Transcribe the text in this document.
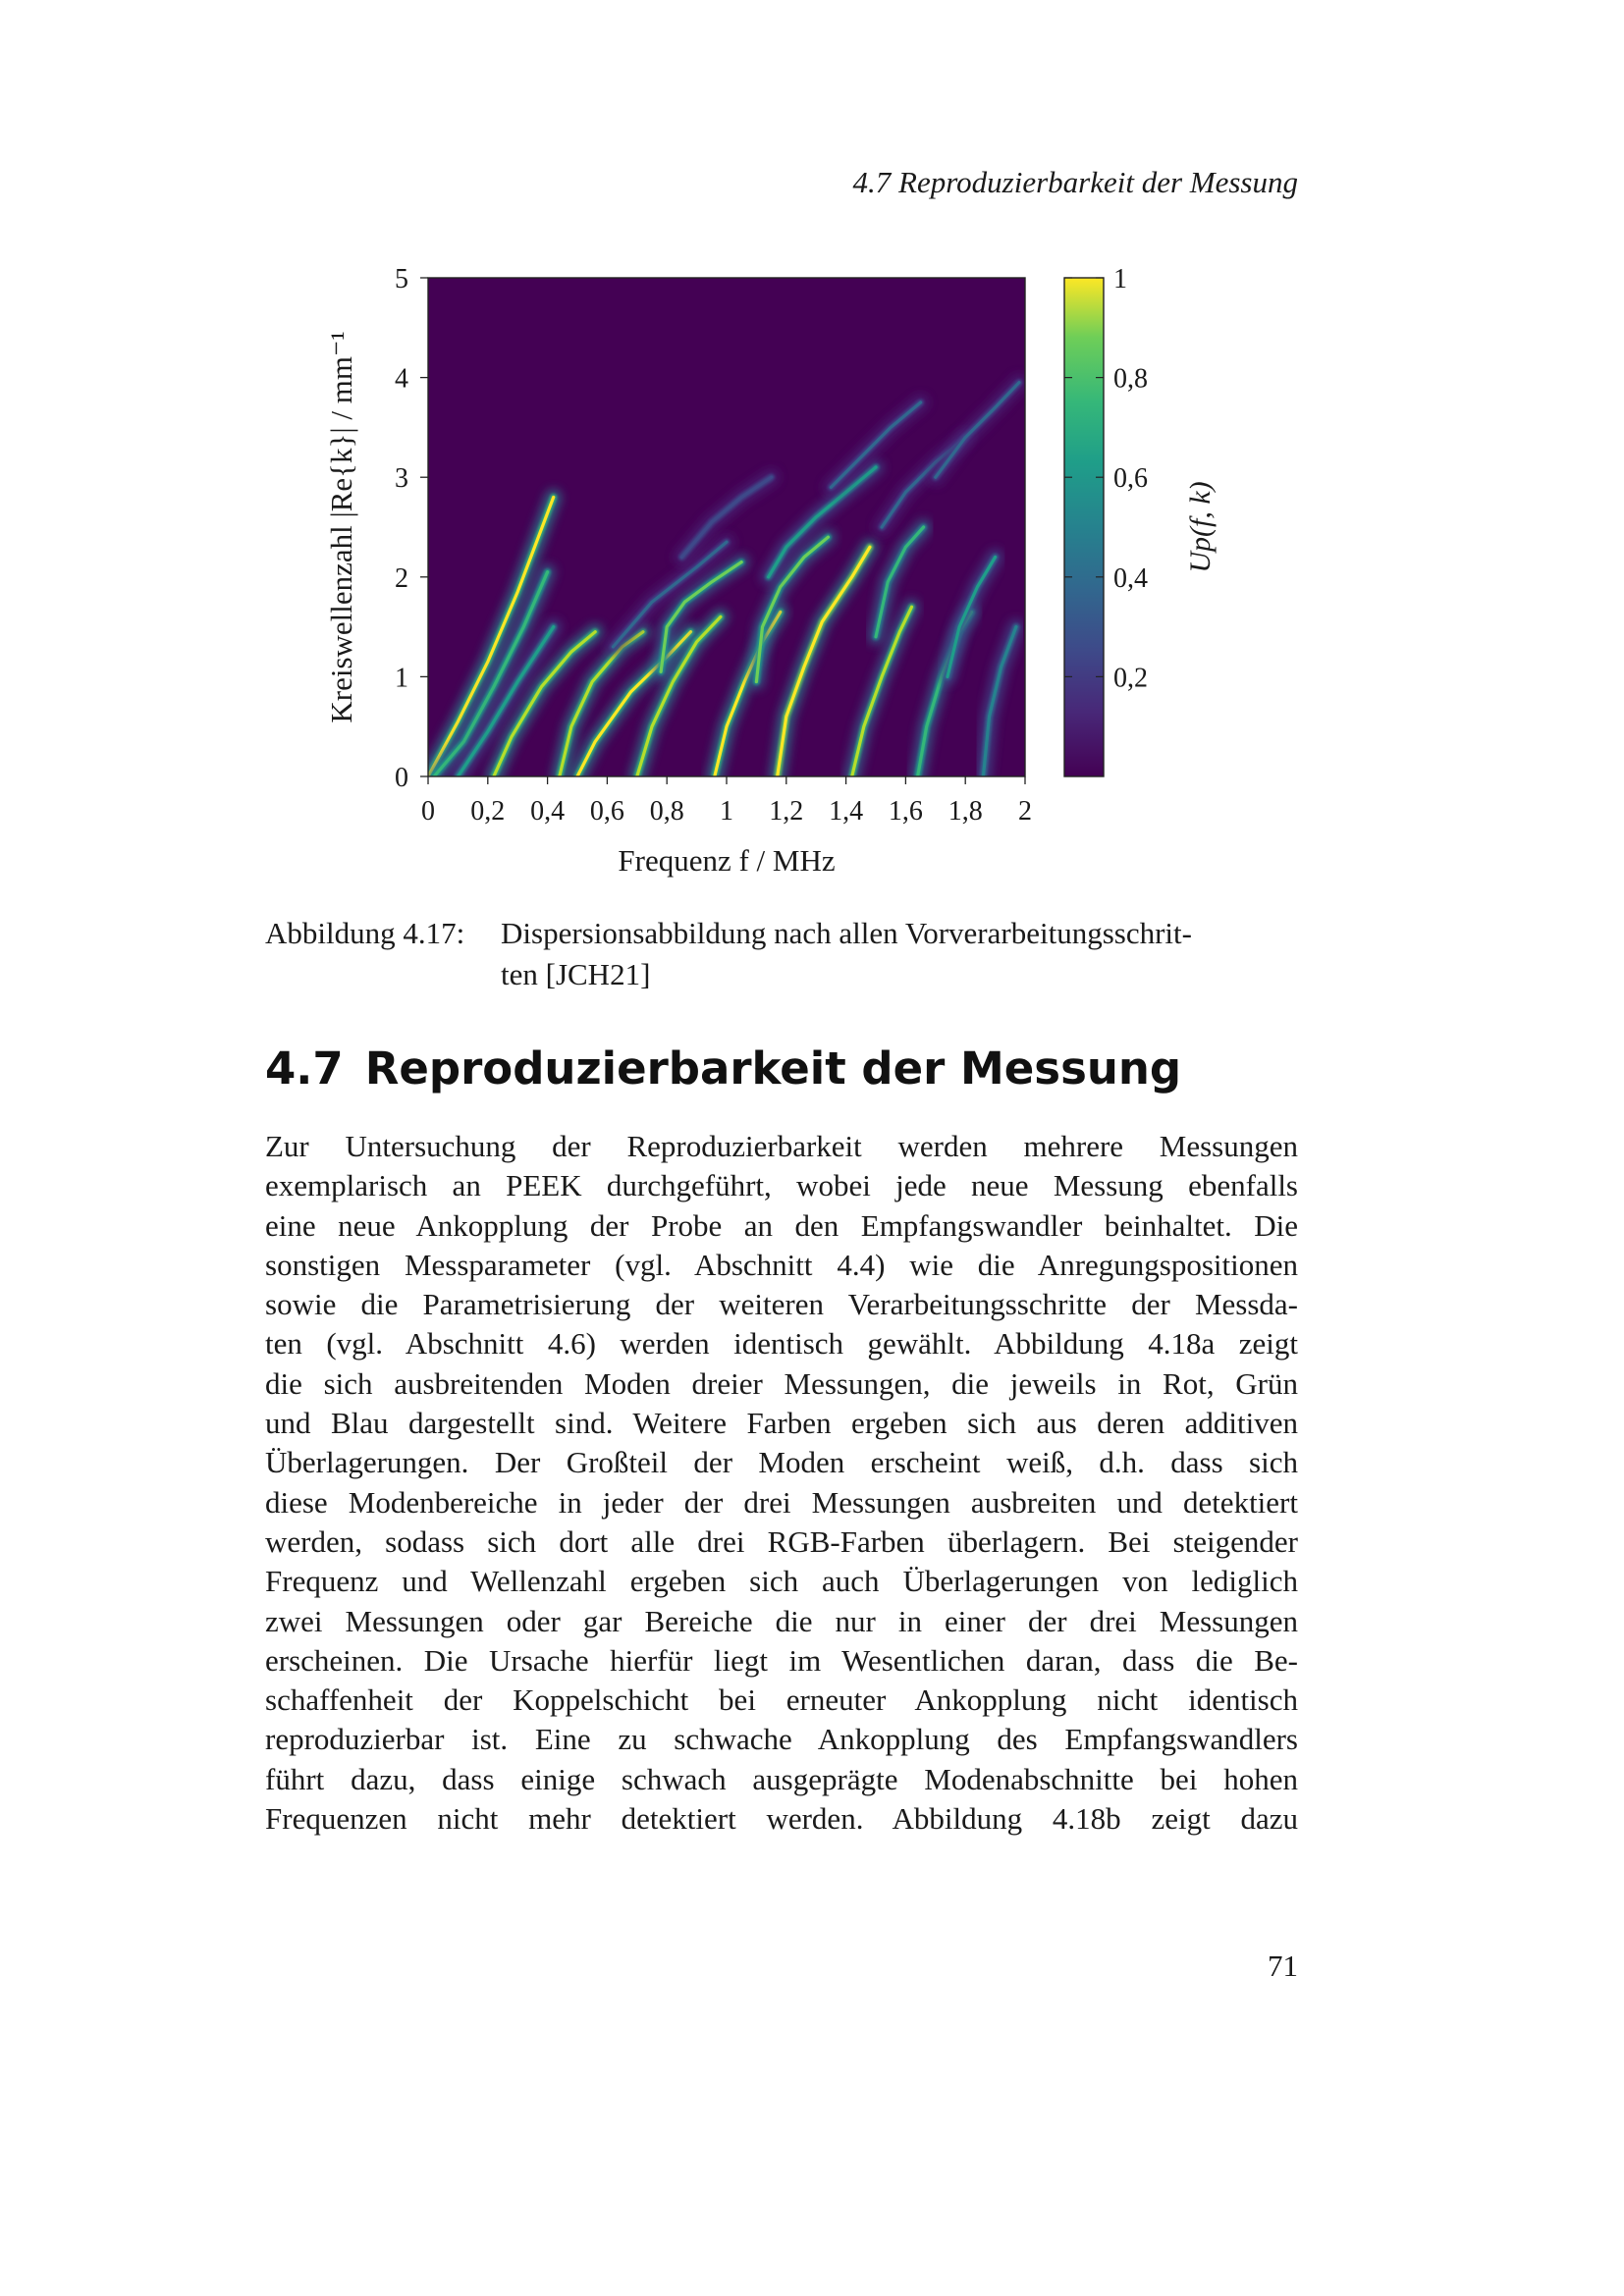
4.7 Reproduzierbarkeit der Messung
0 0,2 0,4 0,6 0,8 1 1,2 1,4 1,6 1,8 2
0
1
2
3
4
5
Frequenz f / MHz
Kreiswellenzahl |Re{k}| / mm⁻¹	0,2
0,4
0,6
0,8
1
Up(f, k)
Abbildung 4.17: Dispersionsabbildung nach allen Vorverarbeitungsschrit-
ten [JCH21]
4.7 Reproduzierbarkeit der Messung
Zur Untersuchung der Reproduzierbarkeit werden mehrere Messungen
exemplarisch an PEEK durchgeführt, wobei jede neue Messung ebenfalls
eine neue Ankopplung der Probe an den Empfangswandler beinhaltet. Die
sonstigen Messparameter (vgl. Abschnitt 4.4) wie die Anregungspositionen
sowie die Parametrisierung der weiteren Verarbeitungsschritte der Messda-
ten (vgl. Abschnitt 4.6) werden identisch gewählt. Abbildung 4.18a zeigt
die sich ausbreitenden Moden dreier Messungen, die jeweils in Rot, Grün
und Blau dargestellt sind. Weitere Farben ergeben sich aus deren additiven
Überlagerungen. Der Großteil der Moden erscheint weiß, d.h. dass sich
diese Modenbereiche in jeder der drei Messungen ausbreiten und detektiert
werden, sodass sich dort alle drei RGB-Farben überlagern. Bei steigender
Frequenz und Wellenzahl ergeben sich auch Überlagerungen von lediglich
zwei Messungen oder gar Bereiche die nur in einer der drei Messungen
erscheinen. Die Ursache hierfür liegt im Wesentlichen daran, dass die Be-
schaffenheit der Koppelschicht bei erneuter Ankopplung nicht identisch
reproduzierbar ist. Eine zu schwache Ankopplung des Empfangswandlers
führt dazu, dass einige schwach ausgeprägte Modenabschnitte bei hohen
Frequenzen nicht mehr detektiert werden. Abbildung 4.18b zeigt dazu
71
